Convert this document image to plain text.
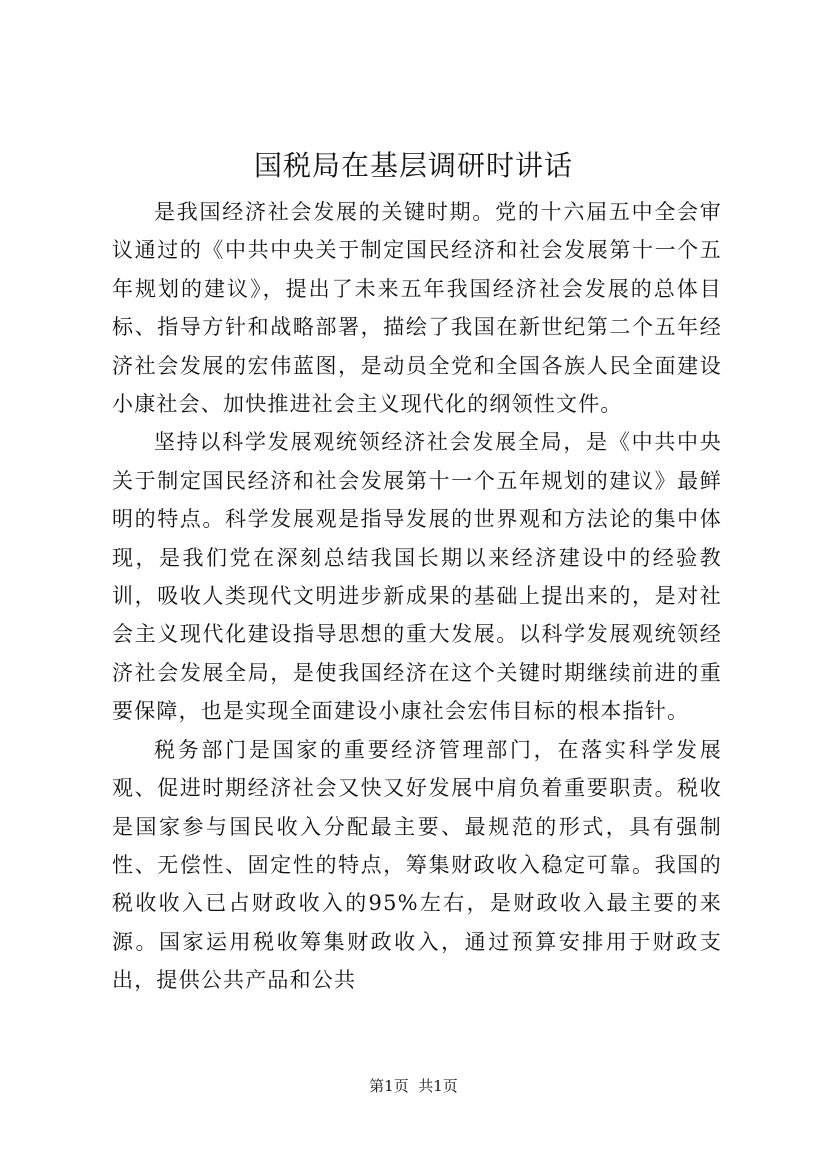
国税局在基层调研时讲话

是我国经济社会发展的关键时期。党的十六届五中全会审议通过的《中共中央关于制定国民经济和社会发展第十一个五年规划的建议》，提出了未来五年我国经济社会发展的总体目标、指导方针和战略部署，描绘了我国在新世纪第二个五年经济社会发展的宏伟蓝图，是动员全党和全国各族人民全面建设小康社会、加快推进社会主义现代化的纲领性文件。

坚持以科学发展观统领经济社会发展全局，是《中共中央关于制定国民经济和社会发展第十一个五年规划的建议》最鲜明的特点。科学发展观是指导发展的世界观和方法论的集中体现，是我们党在深刻总结我国长期以来经济建设中的经验教训，吸收人类现代文明进步新成果的基础上提出来的，是对社会主义现代化建设指导思想的重大发展。以科学发展观统领经济社会发展全局，是使我国经济在这个关键时期继续前进的重要保障，也是实现全面建设小康社会宏伟目标的根本指针。

税务部门是国家的重要经济管理部门，在落实科学发展观、促进时期经济社会又快又好发展中肩负着重要职责。税收是国家参与国民收入分配最主要、最规范的形式，具有强制性、无偿性、固定性的特点，筹集财政收入稳定可靠。我国的税收收入已占财政收入的95%左右，是财政收入最主要的来源。国家运用税收筹集财政收入，通过预算安排用于财政支出，提供公共产品和公共

第1页 共1页
